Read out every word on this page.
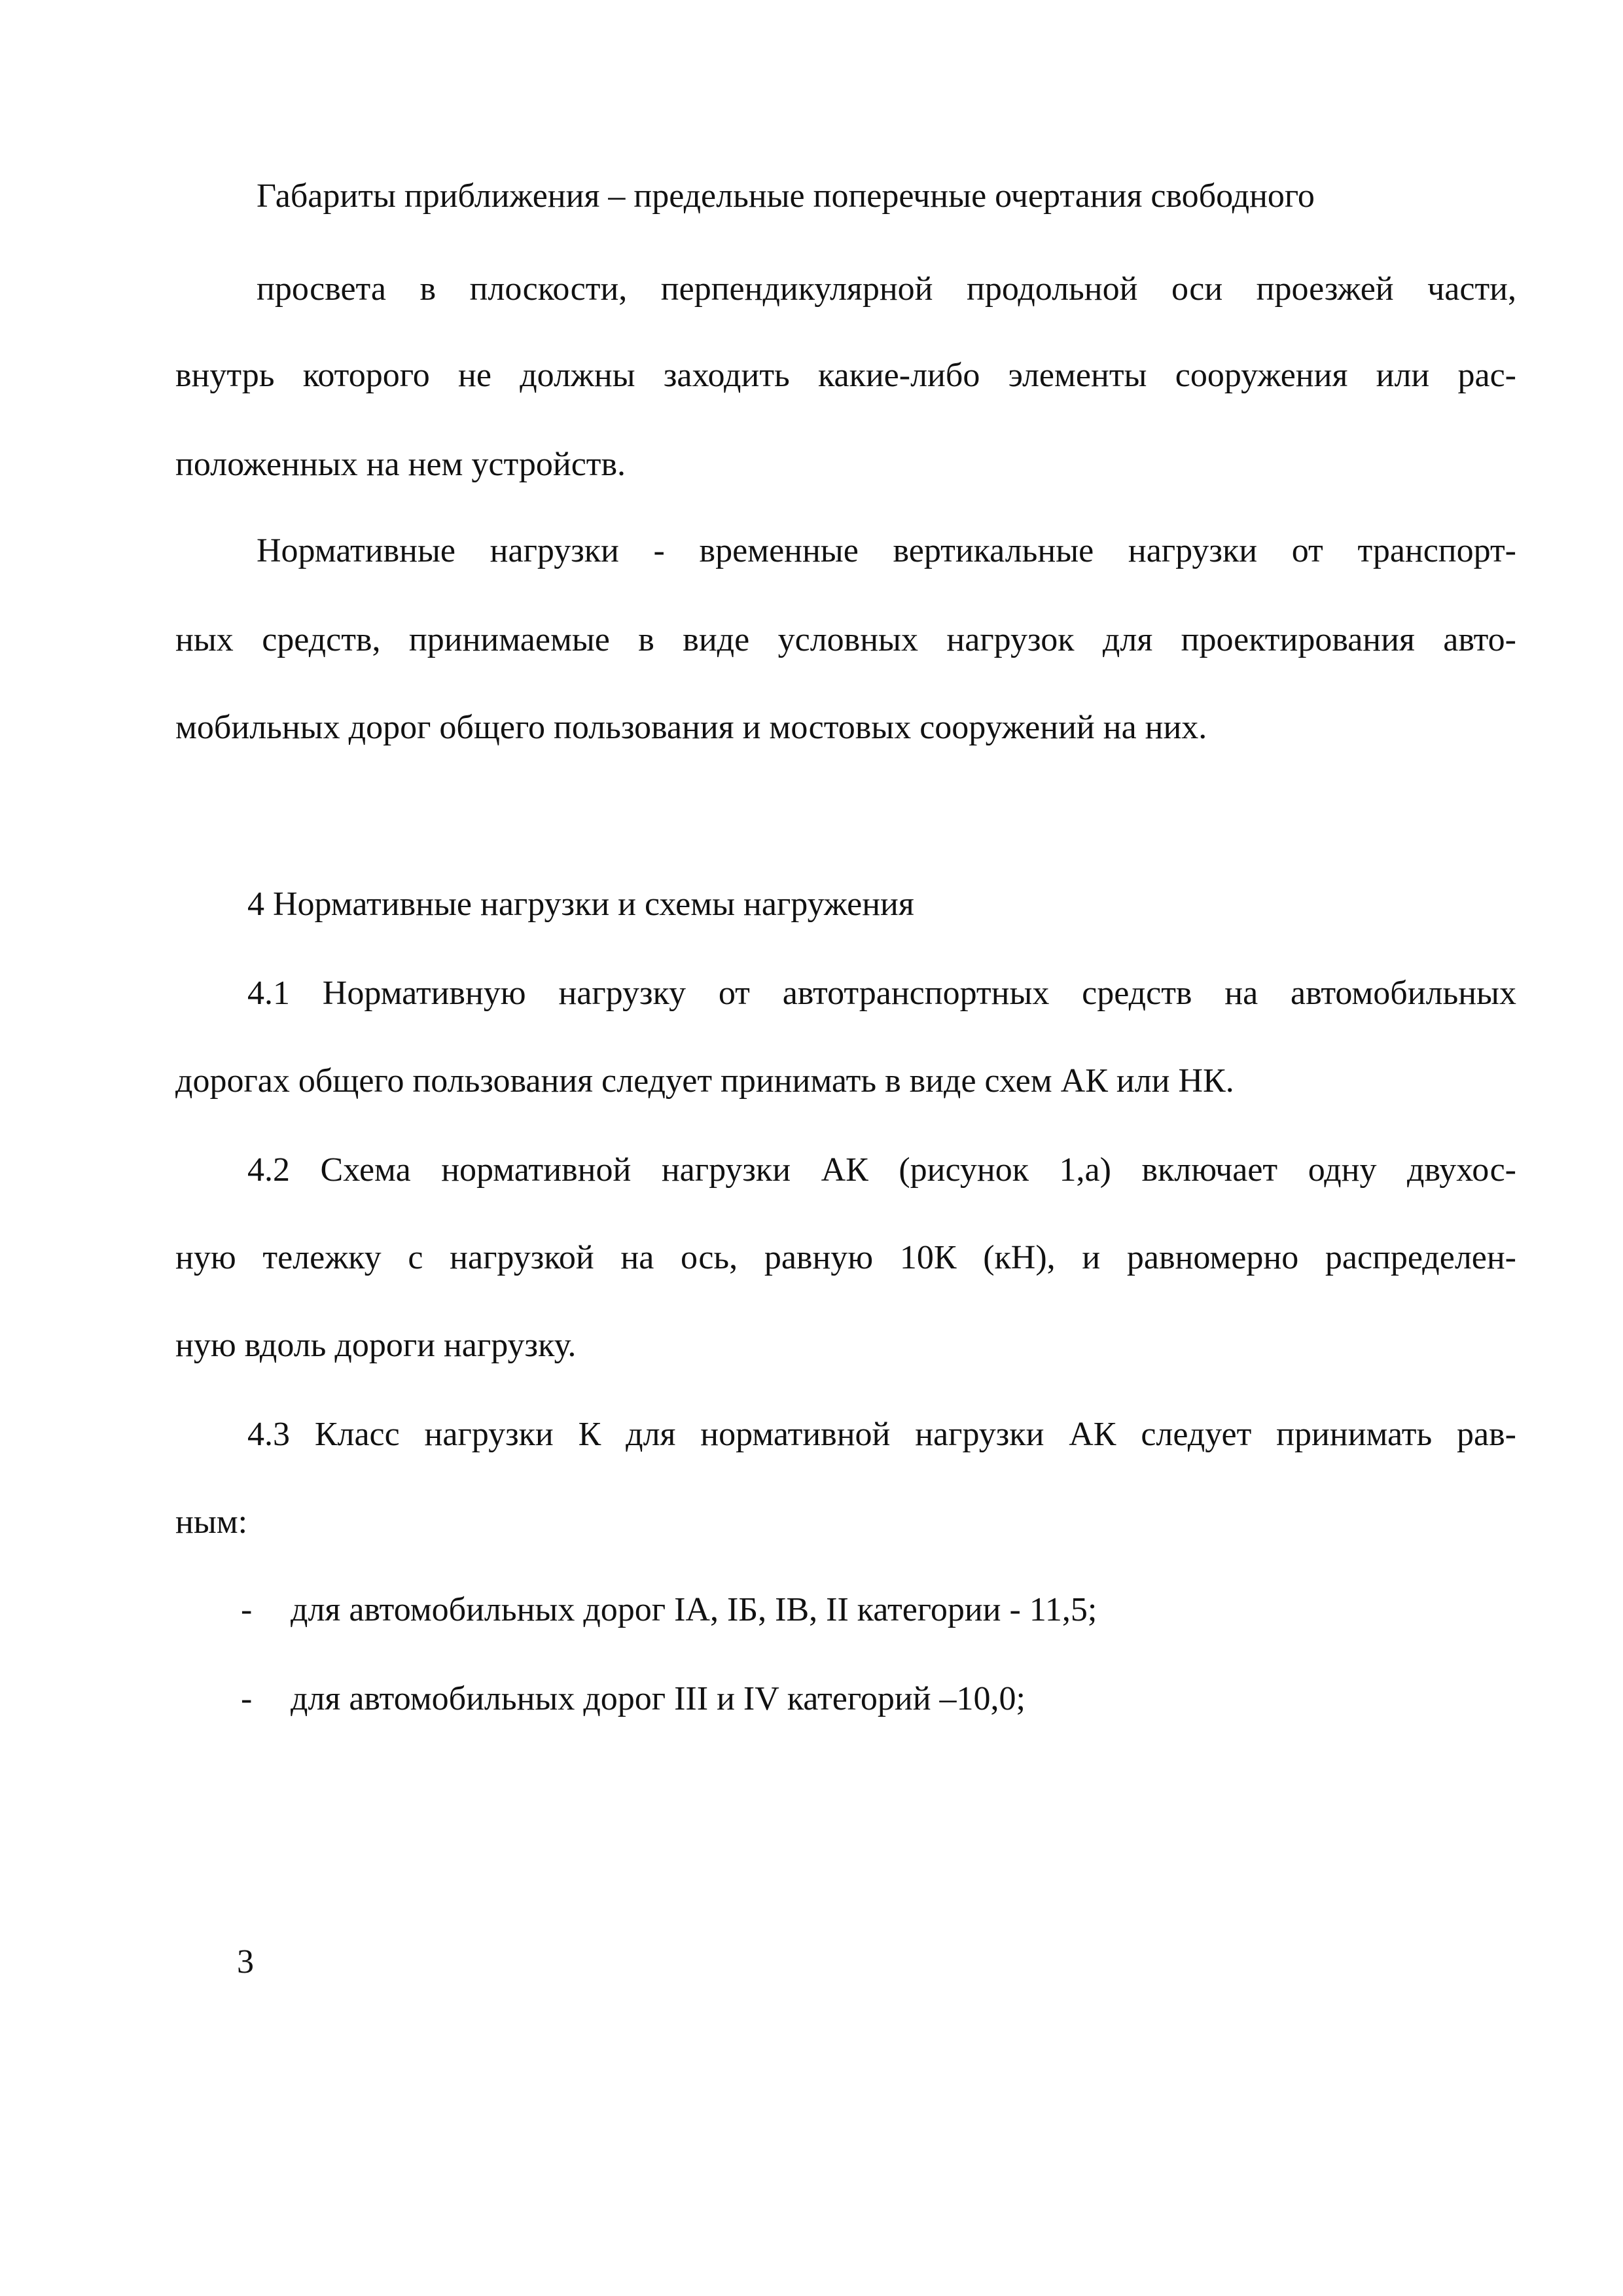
Габариты приближения – предельные поперечные очертания свободного
просвета в плоскости, перпендикулярной продольной оси проезжей части,
внутрь которого не должны заходить какие-либо элементы сооружения или рас-
положенных на нем устройств.
Нормативные нагрузки - временные вертикальные нагрузки от транспорт-
ных средств, принимаемые в виде условных нагрузок для проектирования авто-
мобильных дорог общего пользования и мостовых сооружений на них.
4 Нормативные нагрузки и схемы нагружения
4.1 Нормативную нагрузку от автотранспортных средств на автомобильных
дорогах общего пользования следует принимать в виде схем АК или НК.
4.2 Схема нормативной нагрузки АК (рисунок 1,а) включает одну двухос-
ную тележку с нагрузкой на ось, равную 10К (кН), и равномерно распределен-
ную вдоль дороги нагрузку.
4.3 Класс нагрузки К для нормативной нагрузки АК следует принимать рав-
ным:
- для автомобильных дорог IА, IБ, IВ, II категории - 11,5;
- для автомобильных дорог III и IV категорий –10,0;
3
